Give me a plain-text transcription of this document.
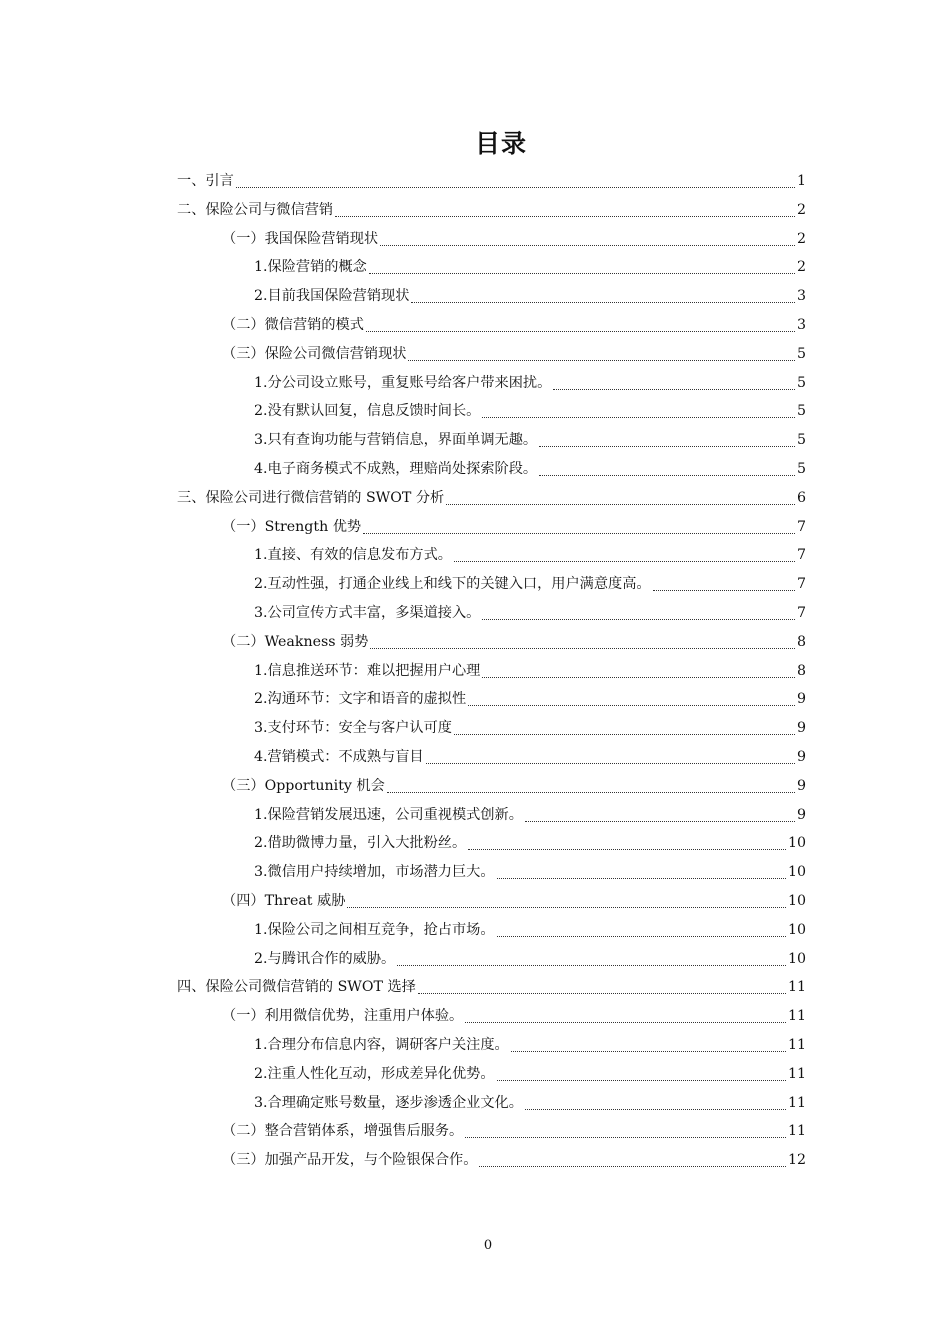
目录
一、引言	1
二、保险公司与微信营销	2
（一）我国保险营销现状	2
1.保险营销的概念	2
2.目前我国保险营销现状	3
（二）微信营销的模式	3
（三）保险公司微信营销现状	5
1.分公司设立账号，重复账号给客户带来困扰。	5
2.没有默认回复，信息反馈时间长。	5
3.只有查询功能与营销信息，界面单调无趣。	5
4.电子商务模式不成熟，理赔尚处探索阶段。	5
三、保险公司进行微信营销的 SWOT 分析	6
（一）Strength 优势	7
1.直接、有效的信息发布方式。	7
2.互动性强，打通企业线上和线下的关键入口，用户满意度高。	7
3.公司宣传方式丰富，多渠道接入。	7
（二）Weakness 弱势	8
1.信息推送环节：难以把握用户心理	8
2.沟通环节：文字和语音的虚拟性	9
3.支付环节：安全与客户认可度	9
4.营销模式：不成熟与盲目	9
（三）Opportunity 机会	9
1.保险营销发展迅速，公司重视模式创新。	9
2.借助微博力量，引入大批粉丝。	10
3.微信用户持续增加，市场潜力巨大。	10
（四）Threat 威胁	10
1.保险公司之间相互竞争，抢占市场。	10
2.与腾讯合作的威胁。	10
四、保险公司微信营销的 SWOT 选择	11
（一）利用微信优势，注重用户体验。	11
1.合理分布信息内容，调研客户关注度。	11
2.注重人性化互动，形成差异化优势。	11
3.合理确定账号数量，逐步渗透企业文化。	11
（二）整合营销体系，增强售后服务。	11
（三）加强产品开发，与个险银保合作。	12
0
